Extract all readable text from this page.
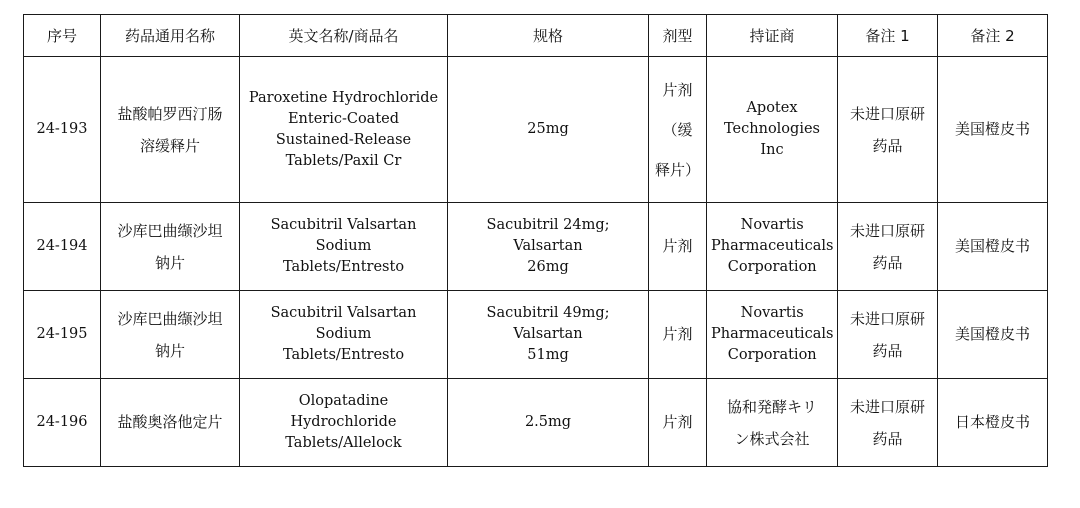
序号	药品通用名称	英文名称/商品名	规格	剂型	持证商	备注 1	备注 2
24-193	盐酸帕罗西汀肠
溶缓释片	Paroxetine Hydrochloride
Enteric-Coated
Sustained-Release
Tablets/Paxil Cr	25mg	片剂
（缓
释片）	Apotex
Technologies Inc	未进口原研
药品	美国橙皮书
24-194	沙库巴曲缬沙坦
钠片	Sacubitril Valsartan Sodium
Tablets/Entresto	Sacubitril 24mg; Valsartan
26mg	片剂	Novartis
Pharmaceuticals
Corporation	未进口原研
药品	美国橙皮书
24-195	沙库巴曲缬沙坦
钠片	Sacubitril Valsartan Sodium
Tablets/Entresto	Sacubitril 49mg; Valsartan
51mg	片剂	Novartis
Pharmaceuticals
Corporation	未进口原研
药品	美国橙皮书
24-196	盐酸奥洛他定片	Olopatadine Hydrochloride
Tablets/Allelock	2.5mg	片剂	協和発酵キリ
ン株式会社	未进口原研
药品	日本橙皮书
